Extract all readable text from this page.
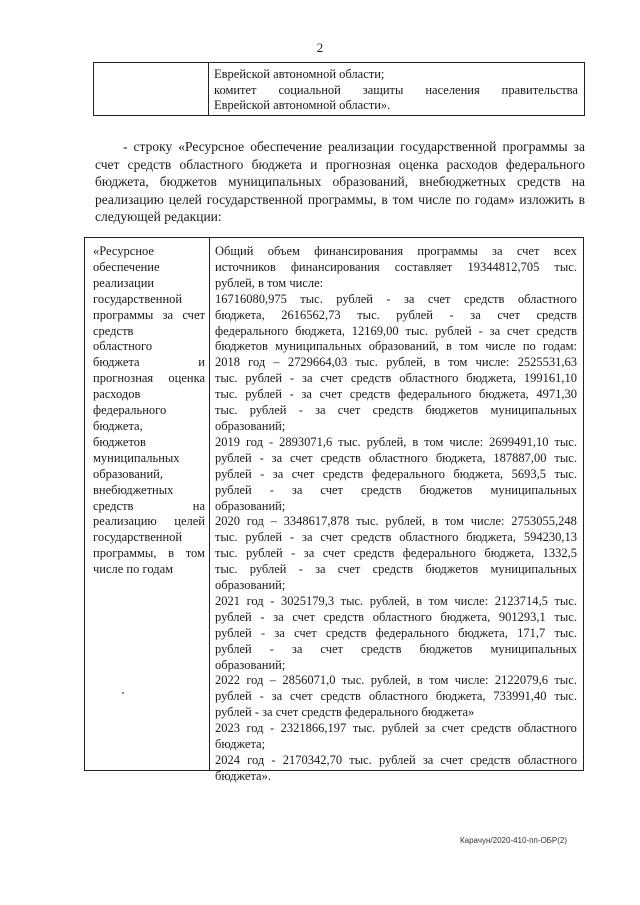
2
Еврейской автономной области;
комитет социальной защиты населения правительства
Еврейской автономной области».
- строку «Ресурсное обеспечение реализации государственной программы за счет средств областного бюджета и прогнозная оценка расходов федерального бюджета, бюджетов муниципальных образований, внебюджетных средств на реализацию целей государственной программы, в том числе по годам» изложить в следующей редакции:
«Ресурсное
обеспечение
реализации
государственной
программы за счет
средств
областного
бюджета	и
прогнозная оценка
расходов
федерального
бюджета,
бюджетов
муниципальных
образований,
внебюджетных
средств	на
реализацию целей
государственной
программы, в том
числе по годам
Общий объем финансирования программы за счет всех
источников финансирования составляет 19344812,705 тыс.
рублей, в том числе:
16716080,975 тыс. рублей - за счет средств областного
бюджета, 2616562,73 тыс. рублей - за счет средств
федерального бюджета, 12169,00 тыс. рублей - за счет средств
бюджетов муниципальных образований, в том числе по годам:
2018 год – 2729664,03 тыс. рублей, в том числе: 2525531,63
тыс. рублей - за счет средств областного бюджета, 199161,10
тыс. рублей - за счет средств федерального бюджета, 4971,30
тыс. рублей - за счет средств бюджетов муниципальных
образований;
2019 год - 2893071,6 тыс. рублей, в том числе: 2699491,10 тыс.
рублей - за счет средств областного бюджета, 187887,00 тыс.
рублей - за счет средств федерального бюджета, 5693,5 тыс.
рублей - за счет средств бюджетов муниципальных
образований;
2020 год – 3348617,878 тыс. рублей, в том числе: 2753055,248
тыс. рублей - за счет средств областного бюджета, 594230,13
тыс. рублей - за счет средств федерального бюджета, 1332,5
тыс. рублей - за счет средств бюджетов муниципальных
образований;
2021 год - 3025179,3 тыс. рублей, в том числе: 2123714,5 тыс.
рублей - за счет средств областного бюджета, 901293,1 тыс.
рублей - за счет средств федерального бюджета, 171,7 тыс.
рублей - за счет средств бюджетов муниципальных
образований;
2022 год – 2856071,0 тыс. рублей, в том числе: 2122079,6 тыс.
рублей - за счет средств областного бюджета, 733991,40 тыс.
рублей - за счет средств федерального бюджета»
2023 год - 2321866,197 тыс. рублей за счет средств областного
бюджета;
2024 год - 2170342,70 тыс. рублей за счет средств областного
бюджета».
Карачун/2020-410-пп-ОБР(2)
